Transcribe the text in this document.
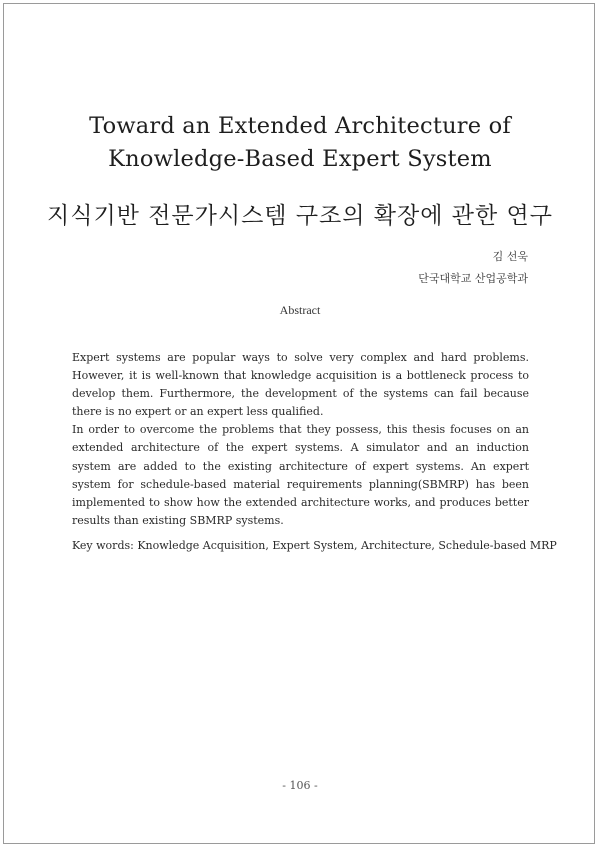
Toward an Extended Architecture of
Knowledge-Based Expert System
지식기반 전문가시스템 구조의 확장에 관한 연구
김 선욱
단국대학교 산업공학과
Abstract

Expert systems are popular ways to solve very complex and hard problems. However, it is well-known that knowledge acquisition is a bottleneck process to develop them. Furthermore, the development of the systems can fail because there is no expert or an expert less qualified.

In order to overcome the problems that they possess, this thesis focuses on an extended architecture of the expert systems. A simulator and an induction system are added to the existing architecture of expert systems. An expert system for schedule-based material requirements planning(SBMRP) has been implemented to show how the extended architecture works, and produces better results than existing SBMRP systems.

Key words: Knowledge Acquisition, Expert System, Architecture, Schedule-based MRP
- 106 -
